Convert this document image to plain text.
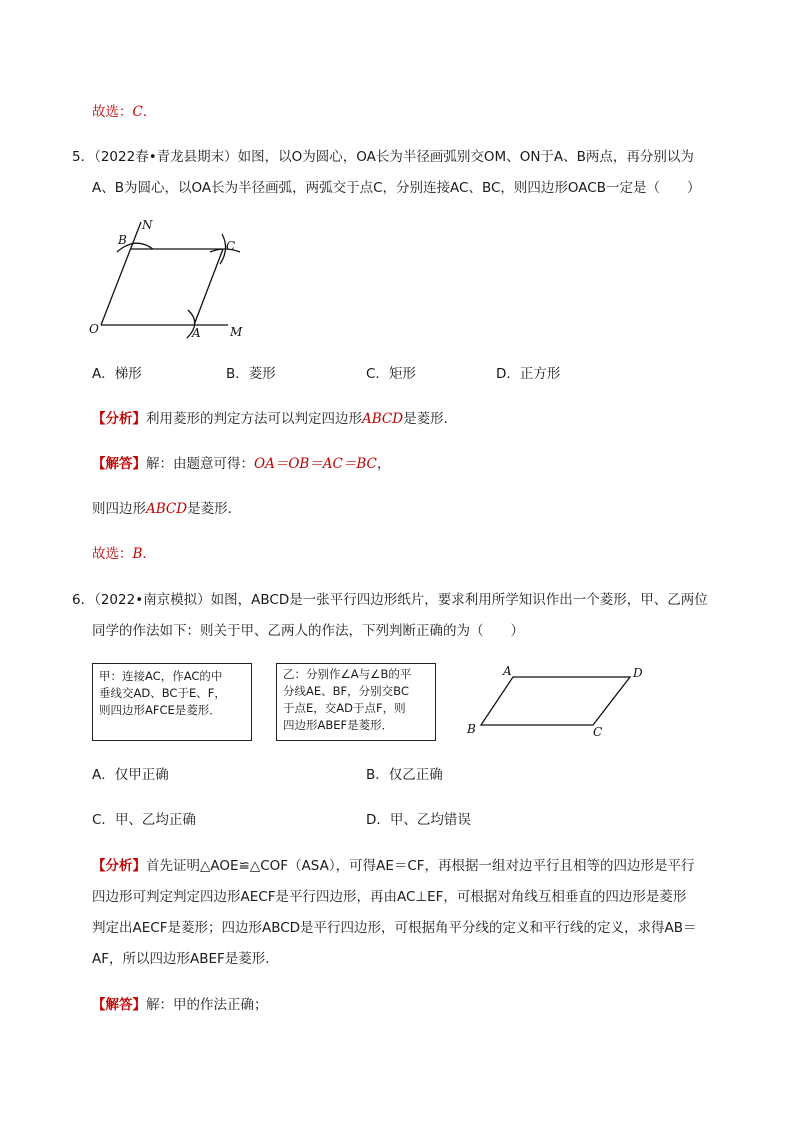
故选：C．
5．（2022春•青龙县期末）如图，以O为圆心，OA长为半径画弧别交OM、ON于A、B两点，再分别以为
A、B为圆心，以OA长为半径画弧，两弧交于点C，分别连接AC、BC，则四边形OACB一定是（　　）
N
B	C
O	A M
A．梯形	B．菱形	C．矩形	D．正方形
【分析】利用菱形的判定方法可以判定四边形ABCD是菱形．
【解答】解：由题意可得：OA＝OB＝AC＝BC，
则四边形ABCD是菱形．
故选：B．
6．（2022•南京模拟）如图，ABCD是一张平行四边形纸片，要求利用所学知识作出一个菱形，甲、乙两位
同学的作法如下：则关于甲、乙两人的作法，下列判断正确的为（　　）
甲：连接AC，作AC的中
垂线交AD、BC于E、F，
则四边形AFCE是菱形．
乙：分别作∠A与∠B的平
分线AE、BF，分别交BC
于点E，交AD于点F，则
四边形ABEF是菱形．
A	D
B	C
A．仅甲正确	B．仅乙正确
C．甲、乙均正确	D．甲、乙均错误
【分析】首先证明△AOE≌△COF（ASA），可得AE＝CF，再根据一组对边平行且相等的四边形是平行
四边形可判定判定四边形AECF是平行四边形，再由AC⊥EF，可根据对角线互相垂直的四边形是菱形
判定出AECF是菱形；四边形ABCD是平行四边形，可根据角平分线的定义和平行线的定义，求得AB＝
AF，所以四边形ABEF是菱形．
【解答】解：甲的作法正确；
